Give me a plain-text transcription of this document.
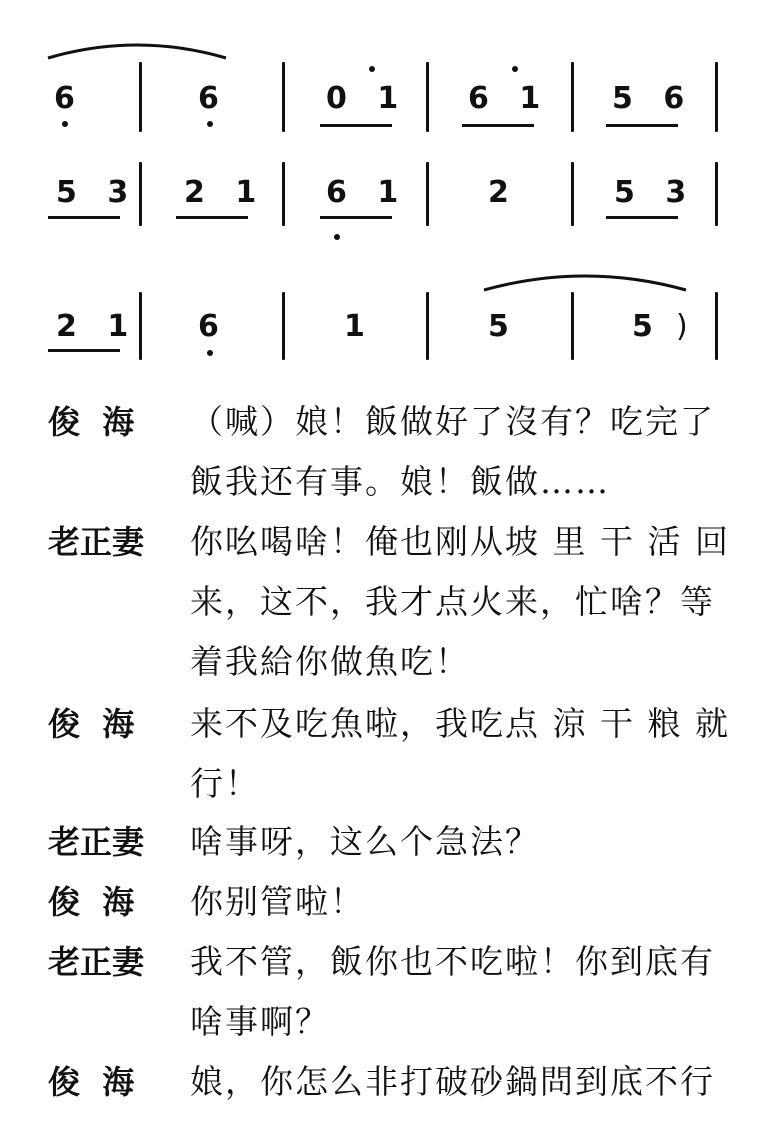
6	6	0 1 6 1 5 6
5 3 2 1 6 1	2	5 3
2 1 6	1	5	5 )
俊  海 （喊）娘！飯做好了沒有？吃完了
飯我还有事。娘！飯做……
老正妻 你吆喝啥！俺也刚从坡 里 干 活 回
来，这不，我才点火来，忙啥？等
着我給你做魚吃！
俊  海 来不及吃魚啦，我吃点 涼 干 粮 就
行！
老正妻 啥事呀，这么个急法？
俊  海 你别管啦！
老正妻 我不管，飯你也不吃啦！你到底有
啥事啊？
俊  海 娘，你怎么非打破砂鍋問到底不行
